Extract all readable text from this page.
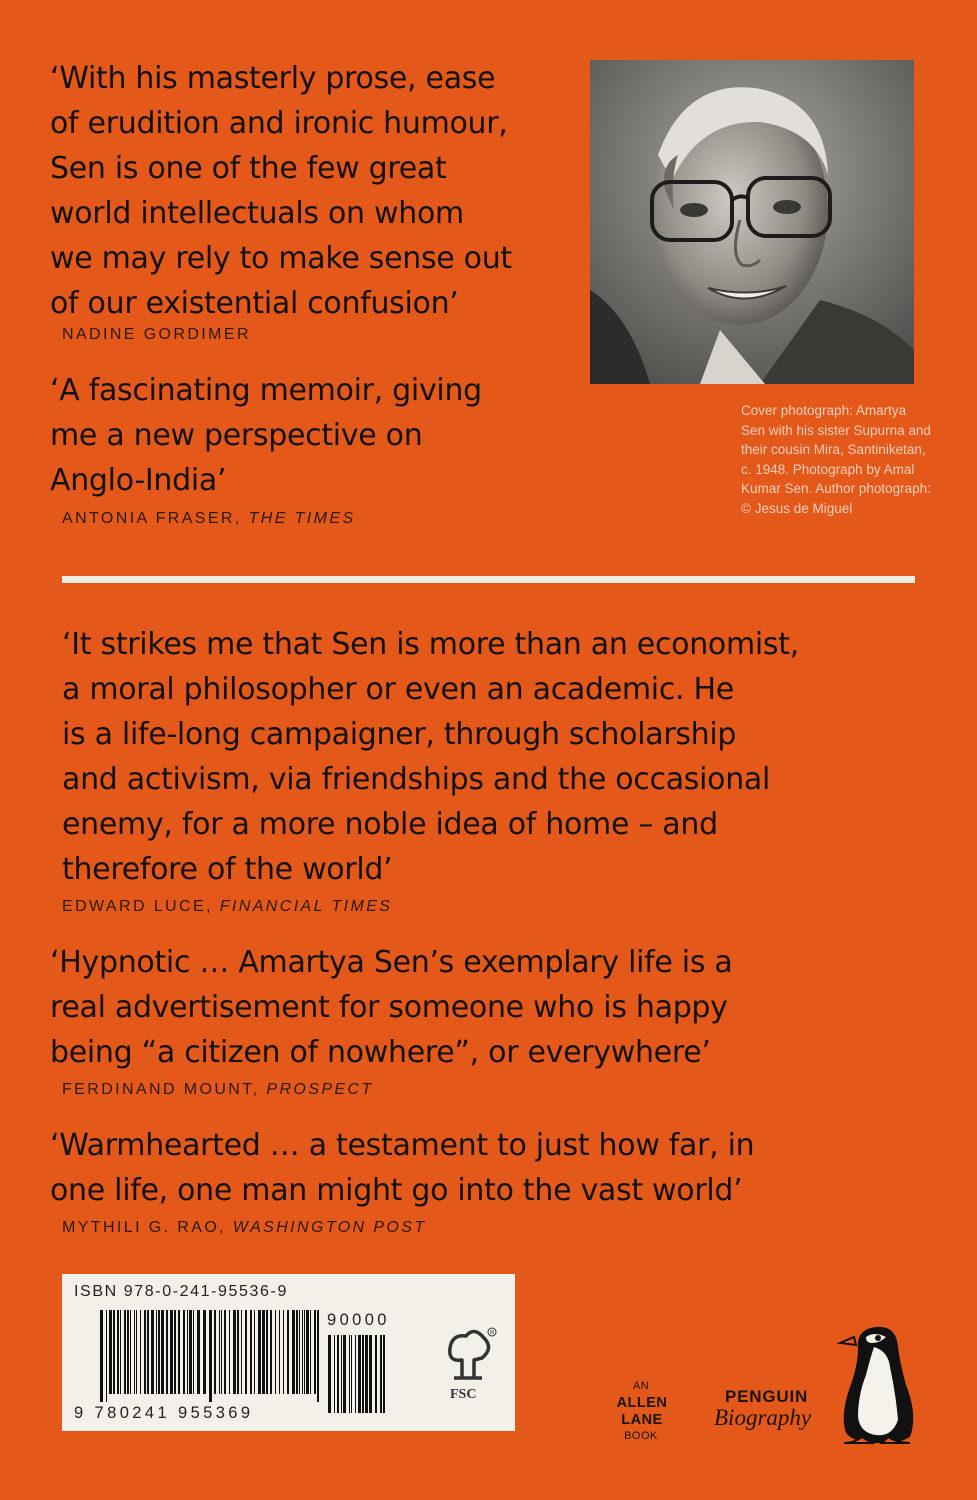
‘With his masterly prose, ease
of erudition and ironic humour,
Sen is one of the few great
world intellectuals on whom
we may rely to make sense out
of our existential confusion’

NADINE GORDIMER

‘A fascinating memoir, giving
me a new perspective on
Anglo-India’

ANTONIA FRASER, THE TIMES
Cover photograph: Amartya
Sen with his sister Supurna and
their cousin Mira, Santiniketan,
c. 1948. Photograph by Amal
Kumar Sen. Author photograph:
© Jesus de Miguel

‘It strikes me that Sen is more than an economist,
a moral philosopher or even an academic. He
is a life-long campaigner, through scholarship
and activism, via friendships and the occasional
enemy, for a more noble idea of home – and
therefore of the world’

EDWARD LUCE, FINANCIAL TIMES

‘Hypnotic … Amartya Sen’s exemplary life is a
real advertisement for someone who is happy
being “a citizen of nowhere”, or everywhere’

FERDINAND MOUNT, PROSPECT

‘Warmhearted … a testament to just how far, in
one life, one man might go into the vast world’

MYTHILI G. RAO, WASHINGTON POST
ISBN 978-0-241-95536-9
90000
9 780241 955369
R
FSC
AN
ALLEN
LANE
BOOK
PENGUIN
Biography
